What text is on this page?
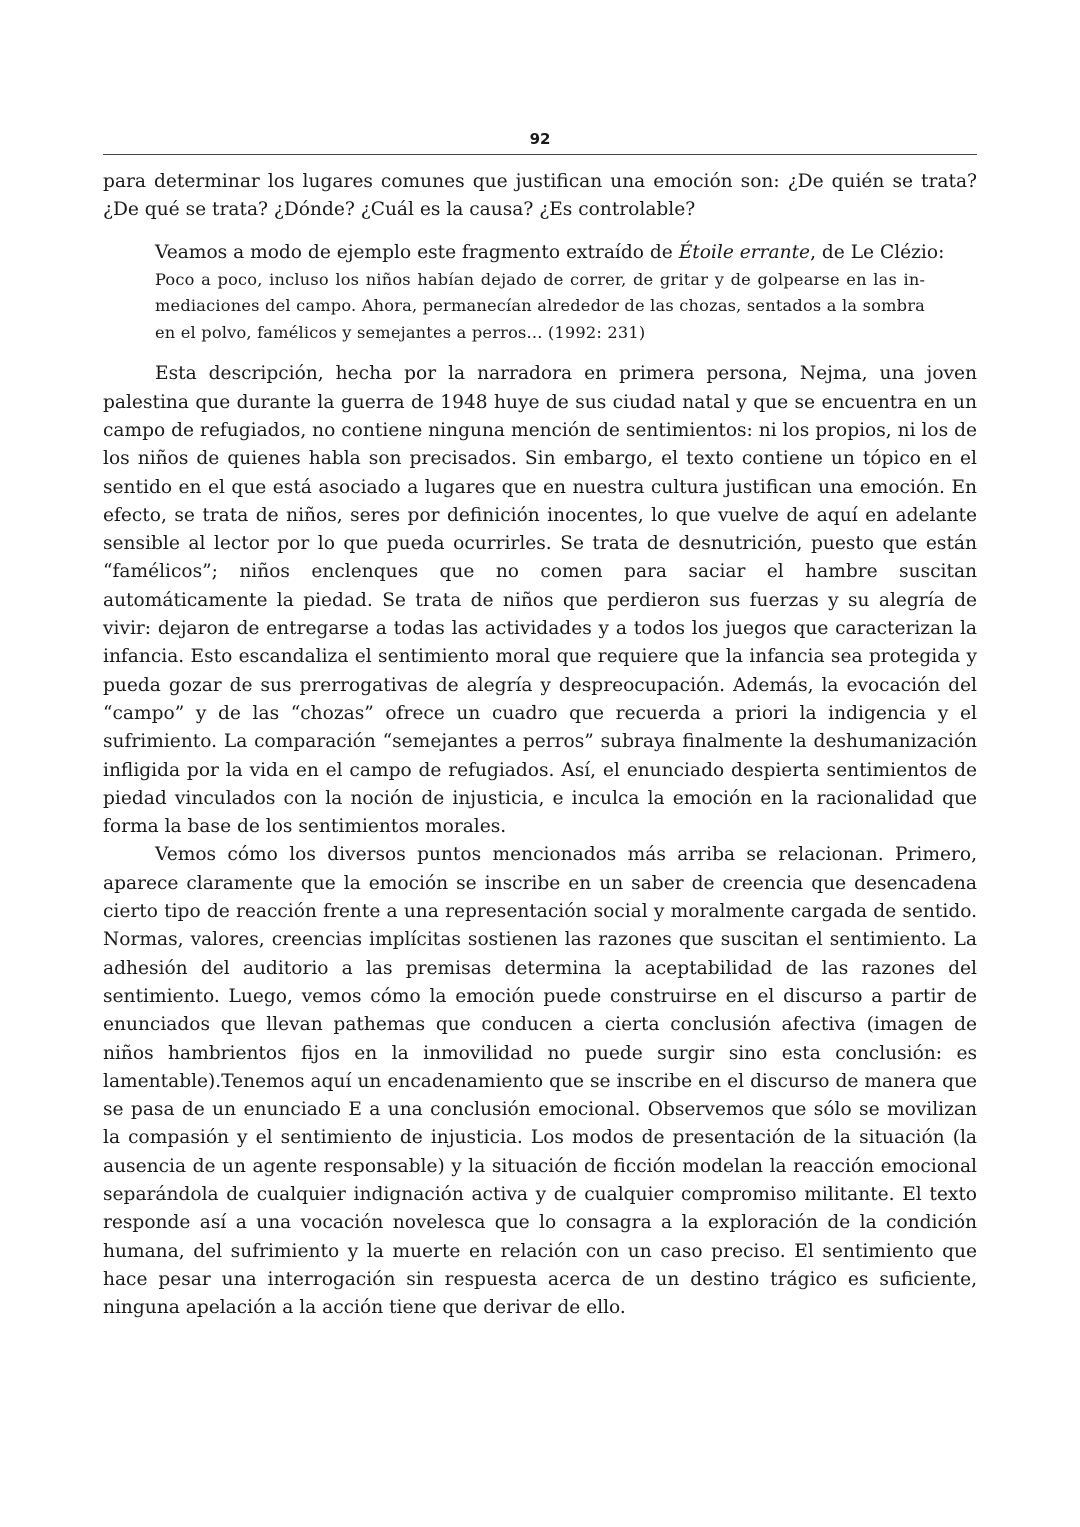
92

para determinar los lugares comunes que justifican una emoción son: ¿De quién se trata? ¿De qué se trata? ¿Dónde? ¿Cuál es la causa? ¿Es controlable?

Veamos a modo de ejemplo este fragmento extraído de Étoile errante, de Le Clézio:

Poco a poco, incluso los niños habían dejado de correr, de gritar y de golpearse en las inmediaciones del campo. Ahora, permanecían alrededor de las chozas, sentados a la sombra en el polvo, famélicos y semejantes a perros... (1992: 231)

Esta descripción, hecha por la narradora en primera persona, Nejma, una joven palestina que durante la guerra de 1948 huye de sus ciudad natal y que se encuentra en un campo de refugiados, no contiene ninguna mención de sentimientos: ni los propios, ni los de los niños de quienes habla son precisados. Sin embargo, el texto contiene un tópico en el sentido en el que está asociado a lugares que en nuestra cultura justifican una emoción. En efecto, se trata de niños, seres por definición inocentes, lo que vuelve de aquí en adelante sensible al lector por lo que pueda ocurrirles. Se trata de desnutrición, puesto que están “famélicos”; niños enclenques que no comen para saciar el hambre suscitan automáticamente la piedad. Se trata de niños que perdieron sus fuerzas y su alegría de vivir: dejaron de entregarse a todas las actividades y a todos los juegos que caracterizan la infancia. Esto escandaliza el sentimiento moral que requiere que la infancia sea protegida y pueda gozar de sus prerrogativas de alegría y despreocupación. Además, la evocación del “campo” y de las “chozas” ofrece un cuadro que recuerda a priori la indigencia y el sufrimiento. La comparación “semejantes a perros” subraya finalmente la deshumanización infligida por la vida en el campo de refugiados. Así, el enunciado despierta sentimientos de piedad vinculados con la noción de injusticia, e inculca la emoción en la racionalidad que forma la base de los sentimientos morales.

Vemos cómo los diversos puntos mencionados más arriba se relacionan. Primero, aparece claramente que la emoción se inscribe en un saber de creencia que desencadena cierto tipo de reacción frente a una representación social y moralmente cargada de sentido. Normas, valores, creencias implícitas sostienen las razones que suscitan el sentimiento. La adhesión del auditorio a las premisas determina la aceptabilidad de las razones del sentimiento. Luego, vemos cómo la emoción puede construirse en el discurso a partir de enunciados que llevan pathemas que conducen a cierta conclusión afectiva (imagen de niños hambrientos fijos en la inmovilidad no puede surgir sino esta conclusión: es lamentable).Tenemos aquí un encadenamiento que se inscribe en el discurso de manera que se pasa de un enunciado E a una conclusión emocional. Observemos que sólo se movilizan la compasión y el sentimiento de injusticia. Los modos de presentación de la situación (la ausencia de un agente responsable) y la situación de ficción modelan la reacción emocional separándola de cualquier indignación activa y de cualquier compromiso militante. El texto responde así a una vocación novelesca que lo consagra a la exploración de la condición humana, del sufrimiento y la muerte en relación con un caso preciso. El sentimiento que hace pesar una interrogación sin respuesta acerca de un destino trágico es suficiente, ninguna apelación a la acción tiene que derivar de ello.
